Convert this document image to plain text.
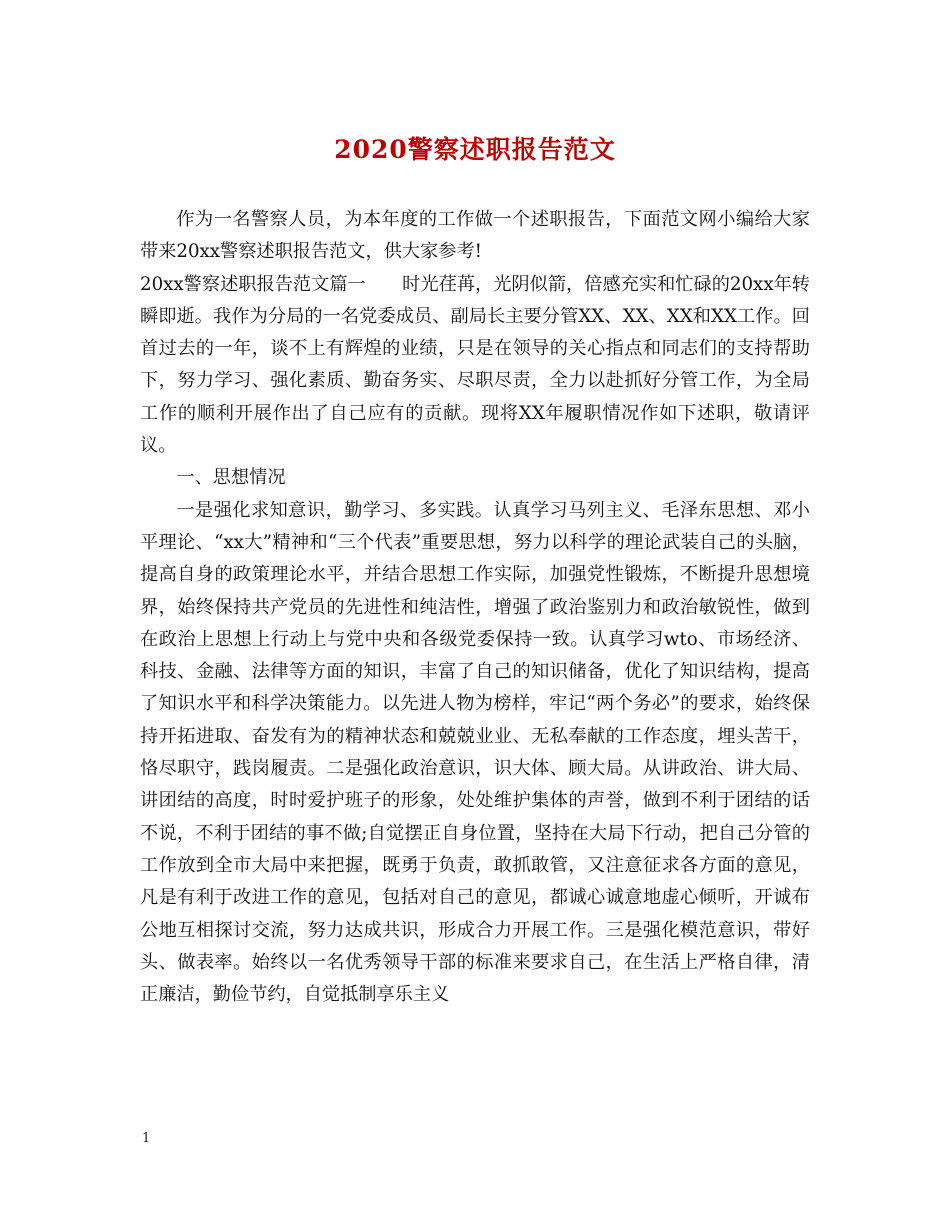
2020警察述职报告范文

作为一名警察人员，为本年度的工作做一个述职报告，下面范文网小编给大家带来20xx警察述职报告范文，供大家参考!

20xx警察述职报告范文篇一　　时光荏苒，光阴似箭，倍感充实和忙碌的20xx年转瞬即逝。我作为分局的一名党委成员、副局长主要分管XX、XX、XX和XX工作。回首过去的一年，谈不上有辉煌的业绩，只是在领导的关心指点和同志们的支持帮助下，努力学习、强化素质、勤奋务实、尽职尽责，全力以赴抓好分管工作，为全局工作的顺利开展作出了自己应有的贡献。现将XX年履职情况作如下述职，敬请评议。

一、思想情况

一是强化求知意识，勤学习、多实践。认真学习马列主义、毛泽东思想、邓小平理论、“xx大”精神和“三个代表”重要思想，努力以科学的理论武装自己的头脑，提高自身的政策理论水平，并结合思想工作实际，加强党性锻炼，不断提升思想境界，始终保持共产党员的先进性和纯洁性，增强了政治鉴别力和政治敏锐性，做到在政治上思想上行动上与党中央和各级党委保持一致。认真学习wto、市场经济、科技、金融、法律等方面的知识，丰富了自己的知识储备，优化了知识结构，提高了知识水平和科学决策能力。以先进人物为榜样，牢记“两个务必”的要求，始终保持开拓进取、奋发有为的精神状态和兢兢业业、无私奉献的工作态度，埋头苦干，恪尽职守，践岗履责。二是强化政治意识，识大体、顾大局。从讲政治、讲大局、讲团结的高度，时时爱护班子的形象，处处维护集体的声誉，做到不利于团结的话不说，不利于团结的事不做;自觉摆正自身位置，坚持在大局下行动，把自己分管的工作放到全市大局中来把握，既勇于负责，敢抓敢管，又注意征求各方面的意见，凡是有利于改进工作的意见，包括对自己的意见，都诚心诚意地虚心倾听，开诚布公地互相探讨交流，努力达成共识，形成合力开展工作。三是强化模范意识，带好头、做表率。始终以一名优秀领导干部的标准来要求自己，在生活上严格自律，清正廉洁，勤俭节约，自觉抵制享乐主义

1
